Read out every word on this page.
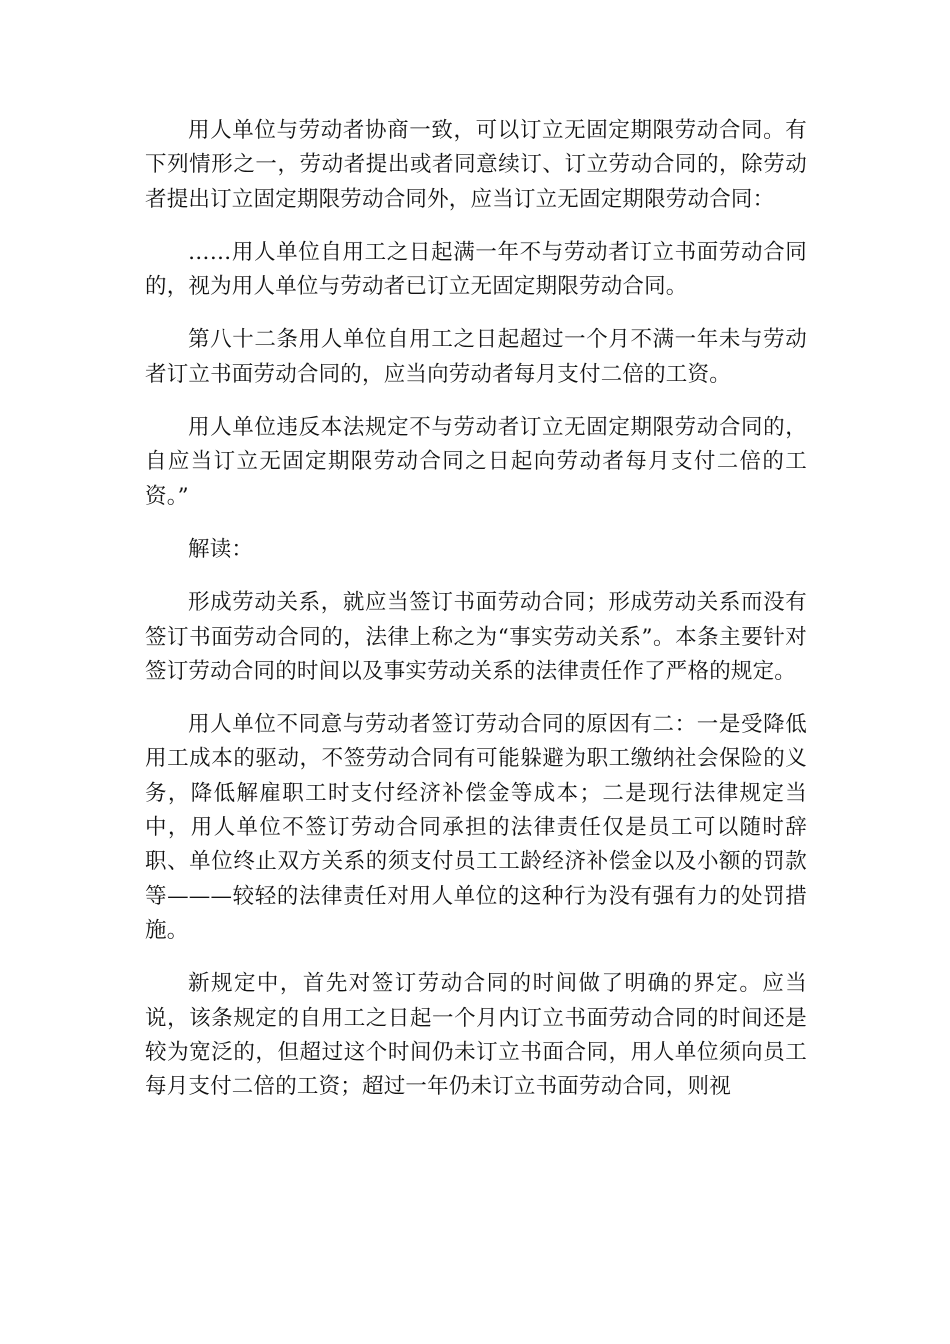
用人单位与劳动者协商一致，可以订立无固定期限劳动合同。有下列情形之一，劳动者提出或者同意续订、订立劳动合同的，除劳动者提出订立固定期限劳动合同外，应当订立无固定期限劳动合同：

……用人单位自用工之日起满一年不与劳动者订立书面劳动合同的，视为用人单位与劳动者已订立无固定期限劳动合同。

第八十二条用人单位自用工之日起超过一个月不满一年未与劳动者订立书面劳动合同的，应当向劳动者每月支付二倍的工资。

用人单位违反本法规定不与劳动者订立无固定期限劳动合同的，自应当订立无固定期限劳动合同之日起向劳动者每月支付二倍的工资。”

解读：

形成劳动关系，就应当签订书面劳动合同；形成劳动关系而没有签订书面劳动合同的，法律上称之为“事实劳动关系”。本条主要针对签订劳动合同的时间以及事实劳动关系的法律责任作了严格的规定。

用人单位不同意与劳动者签订劳动合同的原因有二：一是受降低用工成本的驱动，不签劳动合同有可能躲避为职工缴纳社会保险的义务，降低解雇职工时支付经济补偿金等成本；二是现行法律规定当中，用人单位不签订劳动合同承担的法律责任仅是员工可以随时辞职、单位终止双方关系的须支付员工工龄经济补偿金以及小额的罚款等———较轻的法律责任对用人单位的这种行为没有强有力的处罚措施。

新规定中，首先对签订劳动合同的时间做了明确的界定。应当说，该条规定的自用工之日起一个月内订立书面劳动合同的时间还是较为宽泛的，但超过这个时间仍未订立书面合同，用人单位须向员工每月支付二倍的工资；超过一年仍未订立书面劳动合同，则视
